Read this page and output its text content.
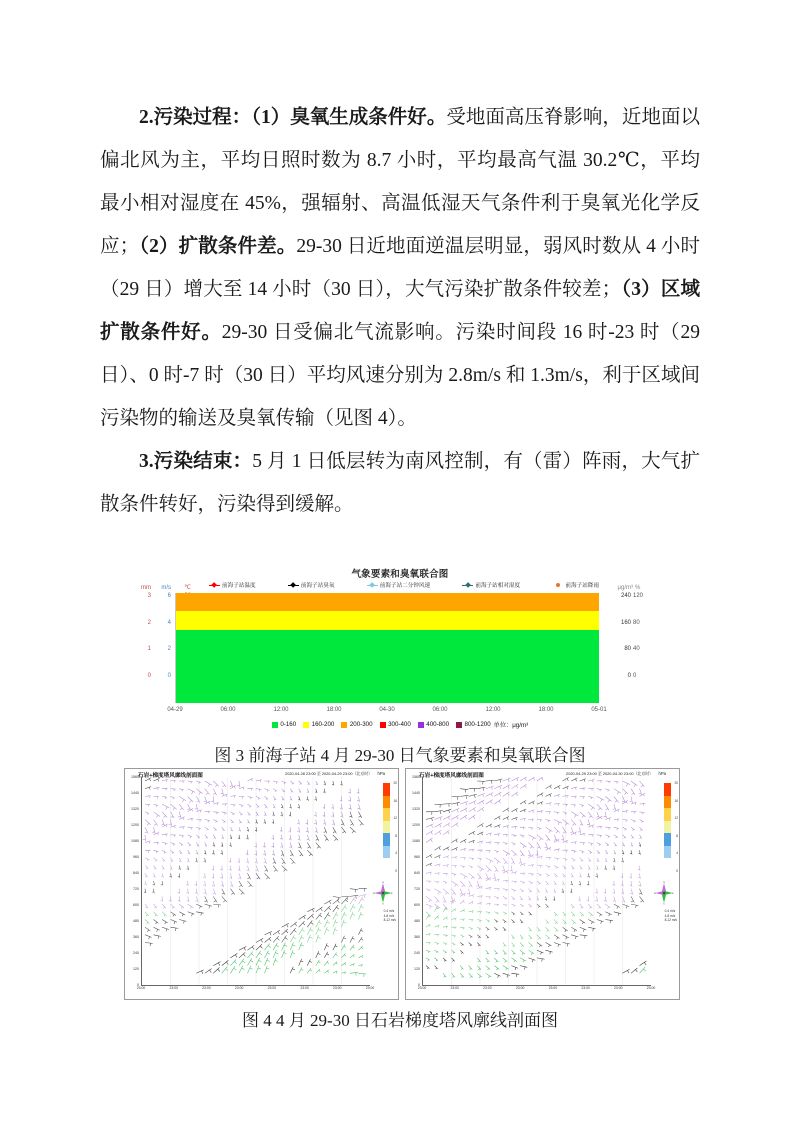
2.污染过程：（1）臭氧生成条件好。受地面高压脊影响，近地面以偏北风为主，平均日照时数为 8.7 小时，平均最高气温 30.2℃，平均最小相对湿度在 45%，强辐射、高温低湿天气条件利于臭氧光化学反应；（2）扩散条件差。29-30 日近地面逆温层明显，弱风时数从 4 小时（29 日）增大至 14 小时（30 日），大气污染扩散条件较差；（3）区域扩散条件好。29-30 日受偏北气流影响。污染时间段 16 时-23 时（29 日）、0 时-7 时（30 日）平均风速分别为 2.8m/s 和 1.3m/s，利于区域间污染物的输送及臭氧传输（见图 4）。

3.污染结束：5 月 1 日低层转为南风控制，有（雷）阵雨，大气扩散条件转好，污染得到缓解。

气象要素和臭氧联合图
前海子站温度	前海子站臭氧	前海子站二分钟风速	前海子站相对湿度	前海子站降雨
mm	m/s	℃
3
2
1
0
6
4
2
0
μg/m³ %
240
160
80
0
120
80
40
0
04-29	06:00	12:00	18:00	04-30	06:00	12:00	18:00	05-01
0-160	160-200	200-300	300-400	400-800	800-1200 单位：μg/m³
图 3 前海子站 4 月 29-30 日气象要素和臭氧联合图
石岩+梯度塔风廓线剖面图	2020-04-28 23:00 至 2020-04-29 23:00（北京时） hPa
1560
1440
1320
1200
1080
960
840
720
600
480
360
240
120
0
23:00	23:00	23:00	23:00	23:00	23:00	23:00	23:00
20
16
12
8
4
0
N
S
W	E
0-4 m/s
4-8 m/s
8-12 m/s
石岩+梯度塔风廓线剖面图	2020-04-29 23:00 至 2020-04-30 23:00（北京时） hPa
1560
1440
1320
1200
1080
960
840
720
600
480
360
240
120
0
23:00	23:00	23:00	23:00	23:00	23:00	23:00	23:00
20
16
12
8
4
0
N
S
W	E
0-4 m/s
4-8 m/s
8-12 m/s
图 4 4 月 29-30 日石岩梯度塔风廓线剖面图
